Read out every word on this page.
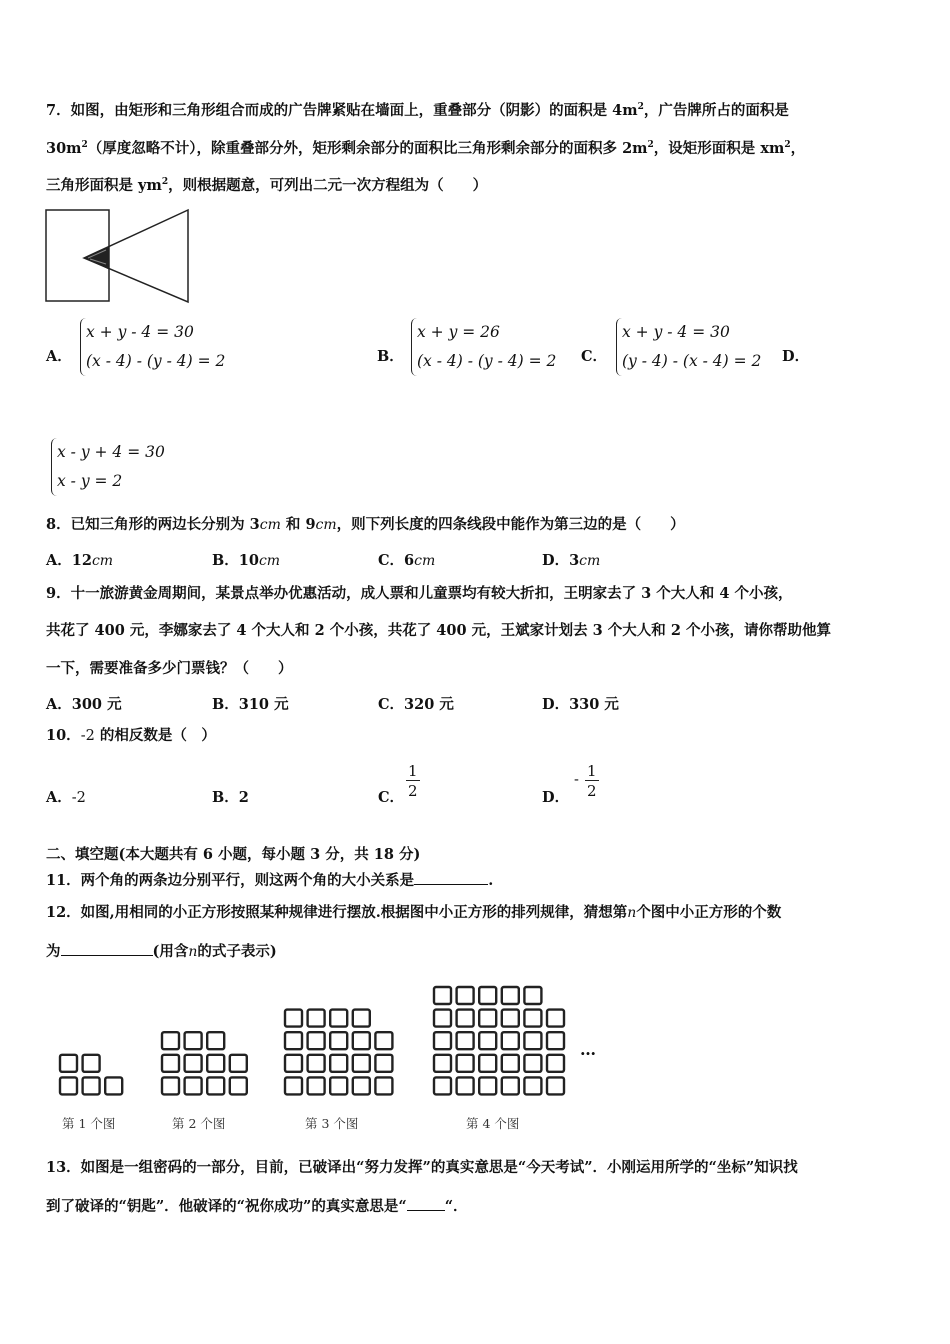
7．如图，由矩形和三角形组合而成的广告牌紧贴在墙面上，重叠部分（阴影）的面积是 $4m^2$，广告牌所占的面积是
$30m^2$（厚度忽略不计），除重叠部分外，矩形剩余部分的面积比三角形剩余部分的面积多 $2m^2$，设矩形面积是 $xm^2$，
三角形面积是 $ym^2$，则根据题意，可列出二元一次方程组为（　　）
A．
x + y - 4 = 30
(x - 4) - (y - 4) = 2	B．
x + y = 26
(x - 4) - (y - 4) = 2 C．
x + y - 4 = 30
(y - 4) - (x - 4) = 2 D．
x - y + 4 = 30
x - y = 2
8．已知三角形的两边长分别为 3cm 和 9cm，则下列长度的四条线段中能作为第三边的是（　　）
A．12cm	B．10cm	C．6cm	D．3cm
9．十一旅游黄金周期间，某景点举办优惠活动，成人票和儿童票均有较大折扣，王明家去了 3 个大人和 4 个小孩，
共花了 400 元，李娜家去了 4 个大人和 2 个小孩，共花了 400 元，王斌家计划去 3 个大人和 2 个小孩，请你帮助他算
一下，需要准备多少门票钱？（　　）
A．300 元	B．310 元	C．320 元	D．330 元
10．-2 的相反数是（　）
A．-2	B．2	C． $\frac{1}{2}$	D．
- $\frac{1}{2}$
二、填空题(本大题共有 6 小题，每小题 3 分，共 18 分)
11．两个角的两条边分别平行，则这两个角的大小关系是	.
12．如图,用相同的小正方形按照某种规律进行摆放.根据图中小正方形的排列规律，猜想第n个图中小正方形的个数
为	(用含n的式子表示)
…
第 1 个图	第 2 个图	第 3 个图	第 4 个图
13．如图是一组密码的一部分，目前，已破译出“努力发挥”的真实意思是“今天考试”．小刚运用所学的“坐标”知识找
到了破译的“钥匙”．他破译的“祝你成功”的真实意思是“	“．
